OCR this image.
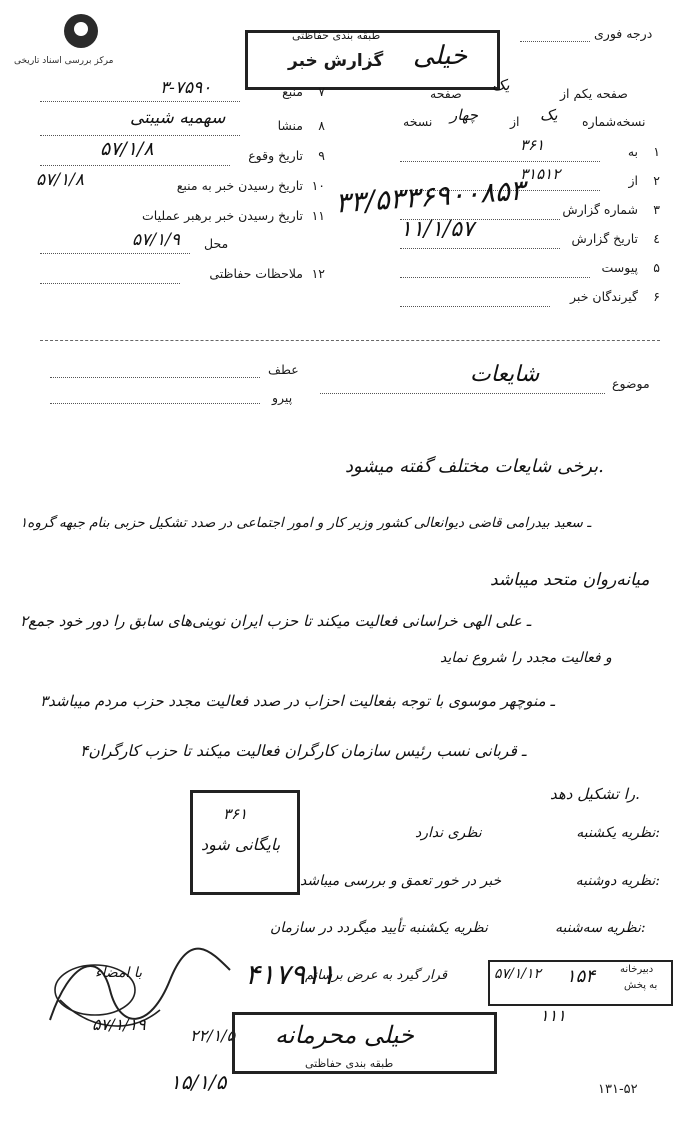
مرکز بررسی اسناد تاریخی
طبقه بندی حفاظتی
گزارش خبر خیلی
درجه فوری
صفحه یک	صفحه یکم از
نسخه چهار	از یک نسخه‌شماره
۱
به
۳۶۱
۲
از
۳۱۵۱۲
۳
شماره گزارش
٤
تاریخ گزارش
۱۱/۱/۵۷
۵
پیوست
۶
گیرندگان خبر
۳۳/۵۳۳۶۹۰۰۸۵۳
۷
منبع
۳-۷۵۹۰
۸
منشا
سهمیه شیبتی
۹
تاریخ وقوع
۵۷/۱/۸
۱۰
تاریخ رسیدن خبر به منبع
۵۷/۱/۸
۱۱
تاریخ رسیدن خبر برهبر عملیات
محل
۵۷/۱/۹
۱۲
ملاحظات حفاظتی
موضوع
شایعات
عطف
پیرو
برخی شایعات مختلف گفته میشود.
۱ـ سعید بیدرامی قاضی دیوانعالی کشور وزیر کار و امور اجتماعی در صدد تشکیل حزبی بنام جبهه گروه
میانه‌روان متحد میباشد
۲ـ علی الهی خراسانی فعالیت میکند تا حزب ایران نوینی‌های سابق را دور خود جمع
و فعالیت مجدد را شروع نماید
۳ـ منوچهر موسوی با توجه بفعالیت احزاب در صدد فعالیت مجدد حزب مردم میباشد
۴ـ قربانی نسب رئیس سازمان کارگران فعالیت میکند تا حزب کارگران
را تشکیل دهد.
۳۶۱
بایگانی شود
نظریه یکشنبه:
نظری ندارد
نظریه دوشنبه:
خبر در خور تعمق و بررسی میباشد
نظریه سه‌شنبه:
نظریه یکشنبه تأیید میگردد در سازمان
۴۱۷۹۱۱
قرار گیرد به عرض برسانم
با امضاء
۵۷/۱/۱۹
۲۲/۱/۵
۱۵/۱/۵
دبیرخانه
به پخش
۱۵۴
۵۷/۱/۱۲
۱۱۱
خیلی محرمانه
طبقه بندی حفاظتی
۱۳۱-۵۲
